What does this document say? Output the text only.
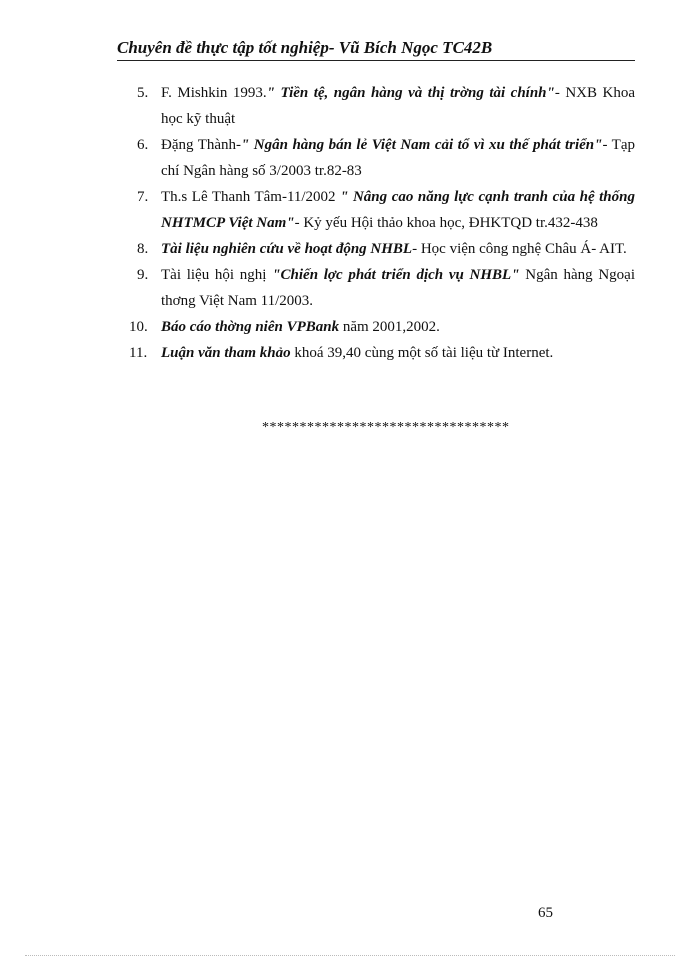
Chuyên đề thực tập tốt nghiệp- Vũ Bích Ngọc TC42B
5. F. Mishkin 1993." Tiền tệ, ngân hàng và thị trờng tài chính"- NXB Khoa học kỹ thuật
6. Đặng Thành-" Ngân hàng bán lẻ Việt Nam cải tổ vì xu thế phát triển"- Tạp chí Ngân hàng số 3/2003 tr.82-83
7. Th.s Lê Thanh Tâm-11/2002 " Nâng cao năng lực cạnh tranh của hệ thống NHTMCP Việt Nam"- Kỷ yếu Hội thảo khoa học, ĐHKTQD tr.432-438
8. Tài liệu nghiên cứu về hoạt động NHBL- Học viện công nghệ Châu Á- AIT.
9. Tài liệu hội nghị "Chiến lợc phát triển dịch vụ NHBL" Ngân hàng Ngoại thơng Việt Nam 11/2003.
10. Báo cáo thờng niên VPBank năm 2001,2002.
11. Luận văn tham khảo khoá 39,40 cùng một số tài liệu từ Internet.
*********************************
65
